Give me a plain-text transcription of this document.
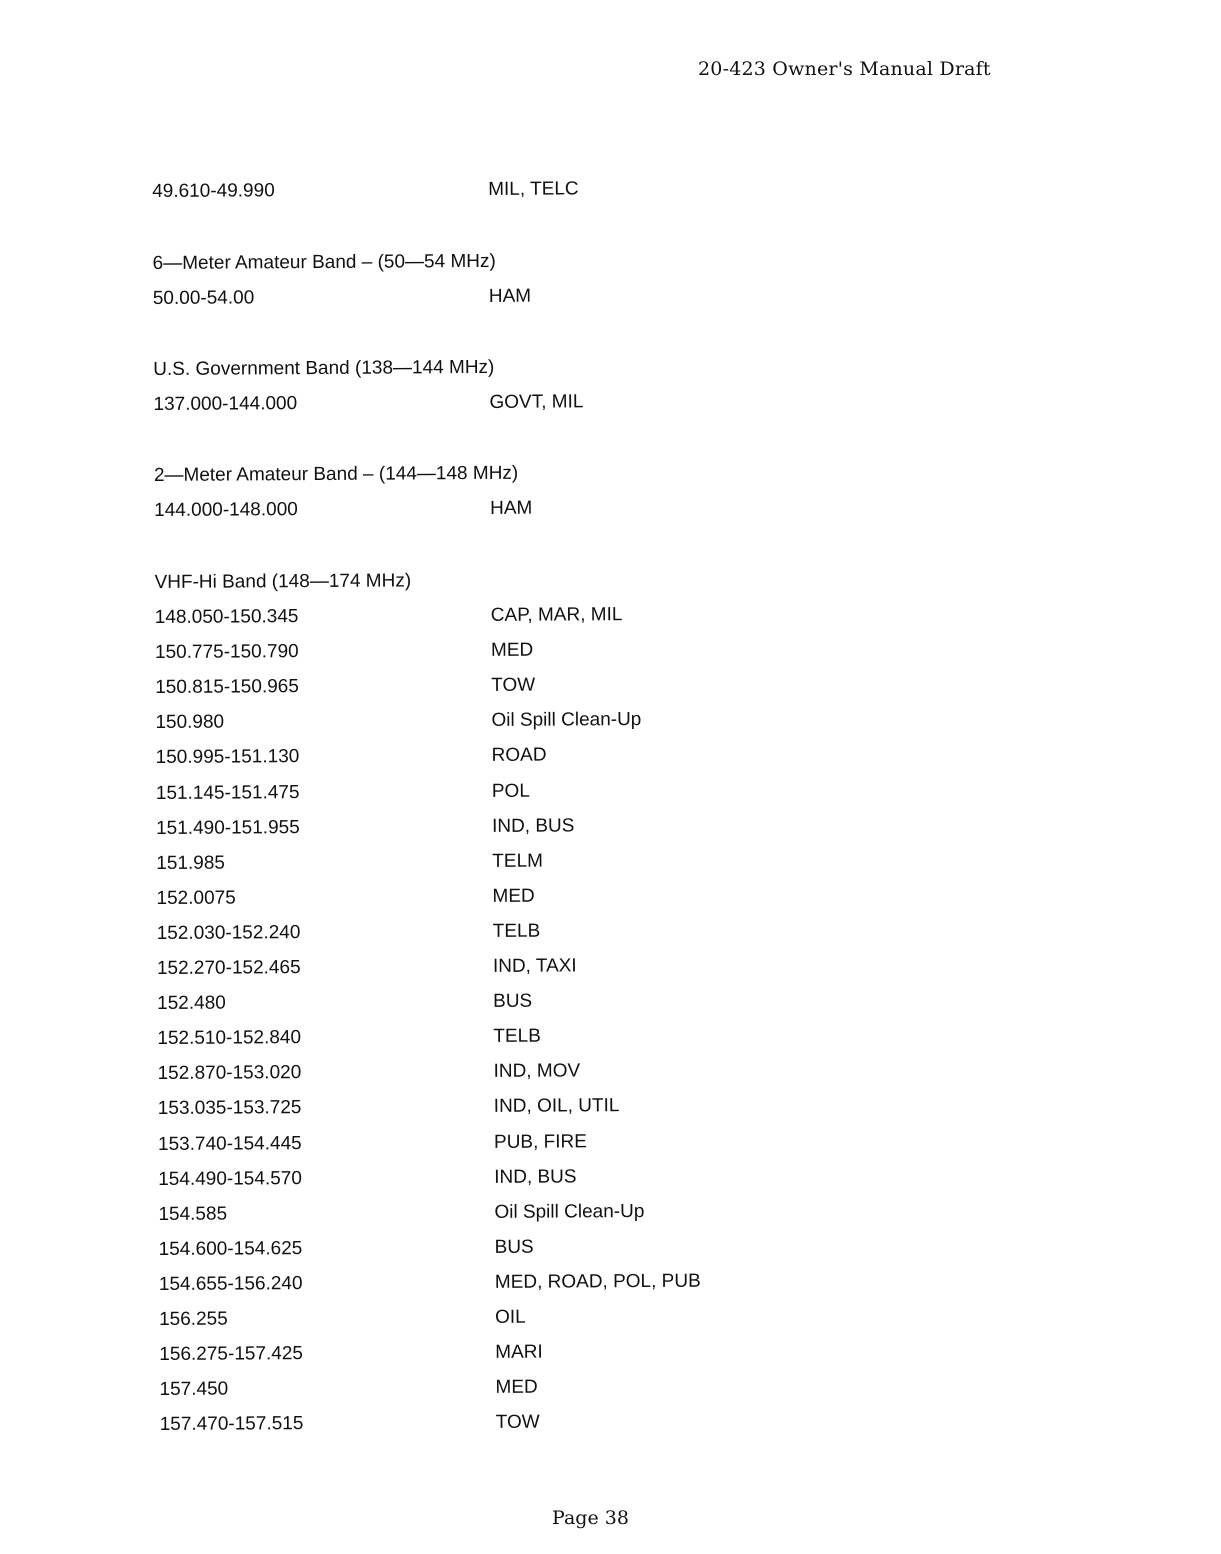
20-423 Owner's Manual Draft
49.610-49.990	MIL, TELC
6—Meter Amateur Band – (50—54 MHz)
50.00-54.00	HAM
U.S. Government Band (138—144 MHz)
137.000-144.000	GOVT, MIL
2—Meter Amateur Band – (144—148 MHz)
144.000-148.000	HAM
VHF-Hi Band (148—174 MHz)
148.050-150.345	CAP, MAR, MIL
150.775-150.790	MED
150.815-150.965	TOW
150.980	Oil Spill Clean-Up
150.995-151.130	ROAD
151.145-151.475	POL
151.490-151.955	IND, BUS
151.985	TELM
152.0075	MED
152.030-152.240	TELB
152.270-152.465	IND, TAXI
152.480	BUS
152.510-152.840	TELB
152.870-153.020	IND, MOV
153.035-153.725	IND, OIL, UTIL
153.740-154.445	PUB, FIRE
154.490-154.570	IND, BUS
154.585	Oil Spill Clean-Up
154.600-154.625	BUS
154.655-156.240	MED, ROAD, POL, PUB
156.255	OIL
156.275-157.425	MARI
157.450	MED
157.470-157.515	TOW
Page 38
